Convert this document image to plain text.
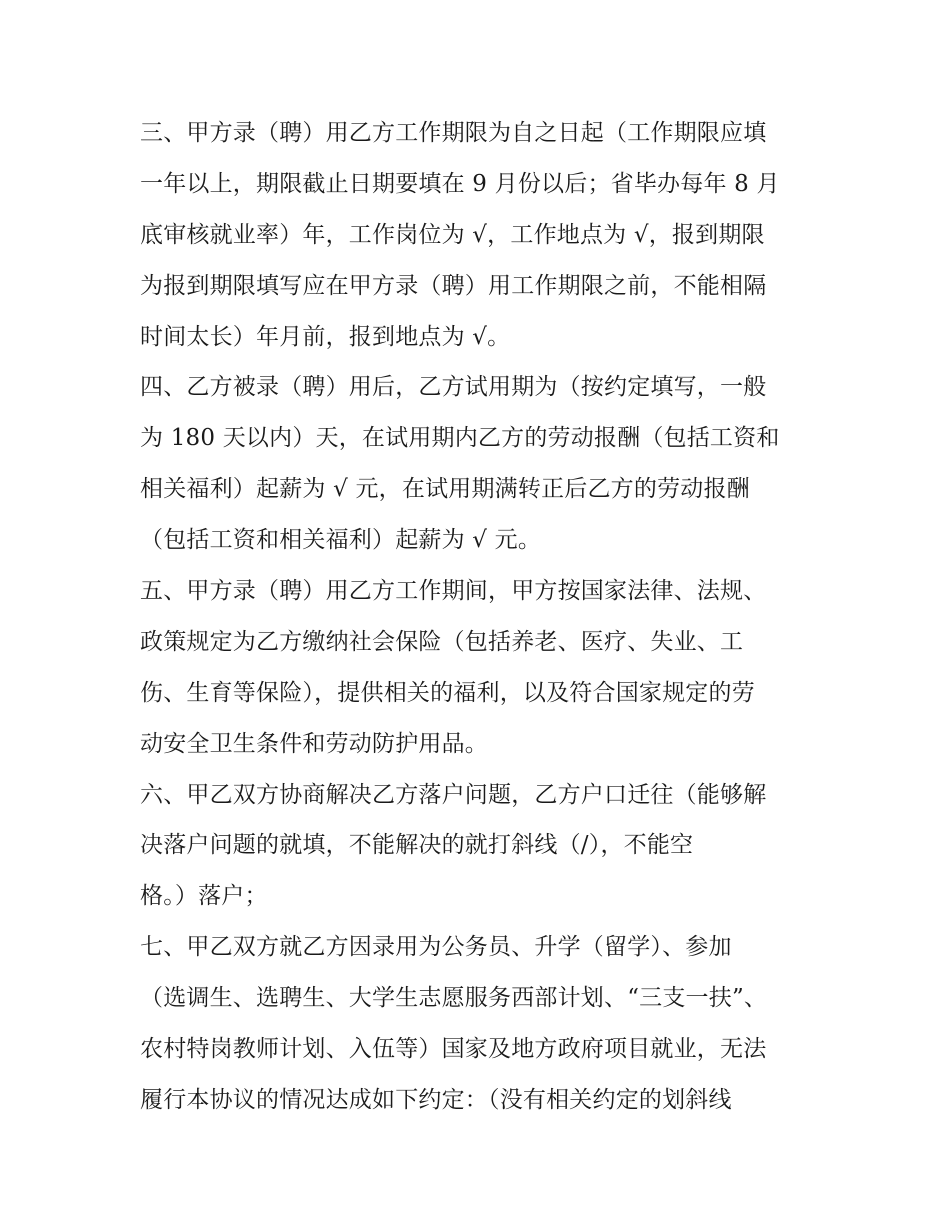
三、甲方录（聘）用乙方工作期限为自之日起（工作期限应填
一年以上，期限截止日期要填在 9 月份以后；省毕办每年 8 月
底审核就业率）年，工作岗位为 √，工作地点为 √，报到期限
为报到期限填写应在甲方录（聘）用工作期限之前，不能相隔
时间太长）年月前，报到地点为 √。
四、乙方被录（聘）用后，乙方试用期为（按约定填写，一般
为 180 天以内）天，在试用期内乙方的劳动报酬（包括工资和
相关福利）起薪为 √ 元，在试用期满转正后乙方的劳动报酬
（包括工资和相关福利）起薪为 √ 元。
五、甲方录（聘）用乙方工作期间，甲方按国家法律、法规、
政策规定为乙方缴纳社会保险（包括养老、医疗、失业、工
伤、生育等保险），提供相关的福利，以及符合国家规定的劳
动安全卫生条件和劳动防护用品。
六、甲乙双方协商解决乙方落户问题，乙方户口迁往（能够解
决落户问题的就填，不能解决的就打斜线（/），不能空
格。）落户；
七、甲乙双方就乙方因录用为公务员、升学（留学）、参加
（选调生、选聘生、大学生志愿服务西部计划、“三支一扶”、
农村特岗教师计划、入伍等）国家及地方政府项目就业，无法
履行本协议的情况达成如下约定：（没有相关约定的划斜线
